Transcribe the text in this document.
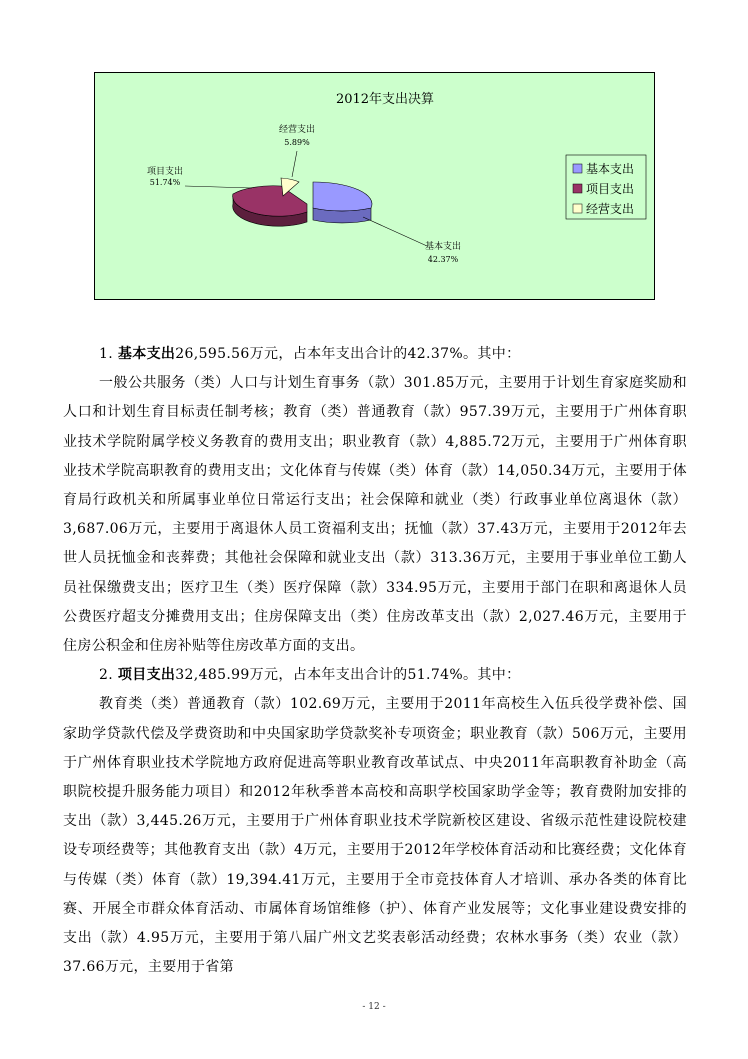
2012年支出决算
经营支出
5.89%
项目支出
51.74%
基本支出
42.37%
基本支出
项目支出
经营支出

1. 基本支出26,595.56万元，占本年支出合计的42.37%。其中：

一般公共服务（类）人口与计划生育事务（款）301.85万元，主要用于计划生育家庭奖励和人口和计划生育目标责任制考核；教育（类）普通教育（款）957.39万元，主要用于广州体育职业技术学院附属学校义务教育的费用支出；职业教育（款）4,885.72万元，主要用于广州体育职业技术学院高职教育的费用支出；文化体育与传媒（类）体育（款）14,050.34万元，主要用于体育局行政机关和所属事业单位日常运行支出；社会保障和就业（类）行政事业单位离退休（款）3,687.06万元，主要用于离退休人员工资福利支出；抚恤（款）37.43万元，主要用于2012年去世人员抚恤金和丧葬费；其他社会保障和就业支出（款）313.36万元，主要用于事业单位工勤人员社保缴费支出；医疗卫生（类）医疗保障（款）334.95万元，主要用于部门在职和离退休人员公费医疗超支分摊费用支出；住房保障支出（类）住房改革支出（款）2,027.46万元，主要用于住房公积金和住房补贴等住房改革方面的支出。

2. 项目支出32,485.99万元，占本年支出合计的51.74%。其中：

教育类（类）普通教育（款）102.69万元，主要用于2011年高校生入伍兵役学费补偿、国家助学贷款代偿及学费资助和中央国家助学贷款奖补专项资金；职业教育（款）506万元，主要用于广州体育职业技术学院地方政府促进高等职业教育改革试点、中央2011年高职教育补助金（高职院校提升服务能力项目）和2012年秋季普本高校和高职学校国家助学金等；教育费附加安排的支出（款）3,445.26万元，主要用于广州体育职业技术学院新校区建设、省级示范性建设院校建设专项经费等；其他教育支出（款）4万元，主要用于2012年学校体育活动和比赛经费；文化体育与传媒（类）体育（款）19,394.41万元，主要用于全市竞技体育人才培训、承办各类的体育比赛、开展全市群众体育活动、市属体育场馆维修（护）、体育产业发展等；文化事业建设费安排的支出（款）4.95万元，主要用于第八届广州文艺奖表彰活动经费；农林水事务（类）农业（款）37.66万元，主要用于省第

- 12 -
